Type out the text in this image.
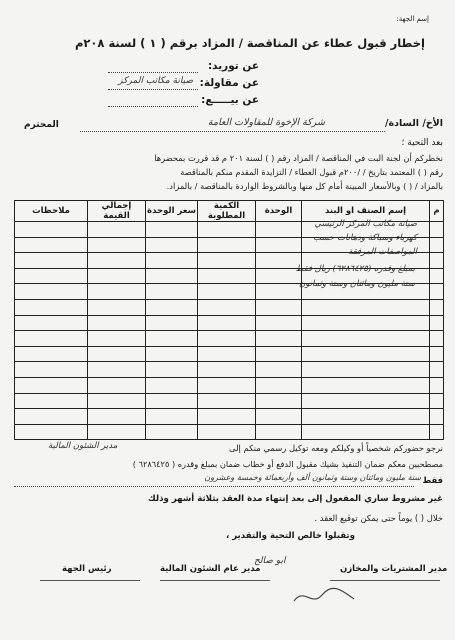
إسم الجهة:
إخطار قبول عطاء عن المناقصة / المزاد برقم ( ١ ) لسنة ٢٠٨م
عن توريد:
عن مقاولة:
صيانة مكاتب المركز
عن بيـــــع:
الأخ/ السادة/
شركة الإخوة للمقاولات العامة
المحترم
بعد التحية ؛
نخطركم أن لجنة البت في المناقصة / المزاد رقم ( ) لسنة ٢٠١ م قد قررت بمحضرها
رقم ( ) المعتمد بتاريخ / /٢٠٠م قبول العطاء / التزايدة المقدم منكم بالمناقصة
بالمزاد / ( ) وبالأسعار المبينة أمام كل منها وبالشروط الواردة بالمناقصة / بالمزاد.
م	إسم الصنف او البند	الوحدة	الكمية المطلوبة	سعر الوحدة	إجمالي القيمة	ملاحظات

صيانة مكاتب المركز الرئيسي
كهرباء وسباكة ودهانات حسب
المواصفات المرفقة
بمبلغ وقدره (٦٢٨٦٤٢٥) ريال فقط
ستة مليون ومائتان وستة وثمانون
نرجو حضوركم شخصياً أو وكيلكم ومعه توكيل رسمي منكم إلى
مدير الشئون المالية
مصطحبين معكم ضمان التنفيذ بشيك مقبول الدفع أو خطاب ضمان بمبلغ وقدره ( ٦٢٨٦٤٢٥ )
فقط
ستة مليون ومائتان وستة وثمانون ألف وأربعمائة وخمسة وعشرون
غير مشروط ساري المفعول إلى بعد إنتهاء مدة العقد بثلاثة أشهر وذلك
خلال ( ) يوماً حتى يمكن توقيع العقد .
وتقبلوا خالص التحية والتقدير ،
رئيس الجهة	مدير عام الشئون المالية
ابو صالح
مدير المشتريات والمخازن
